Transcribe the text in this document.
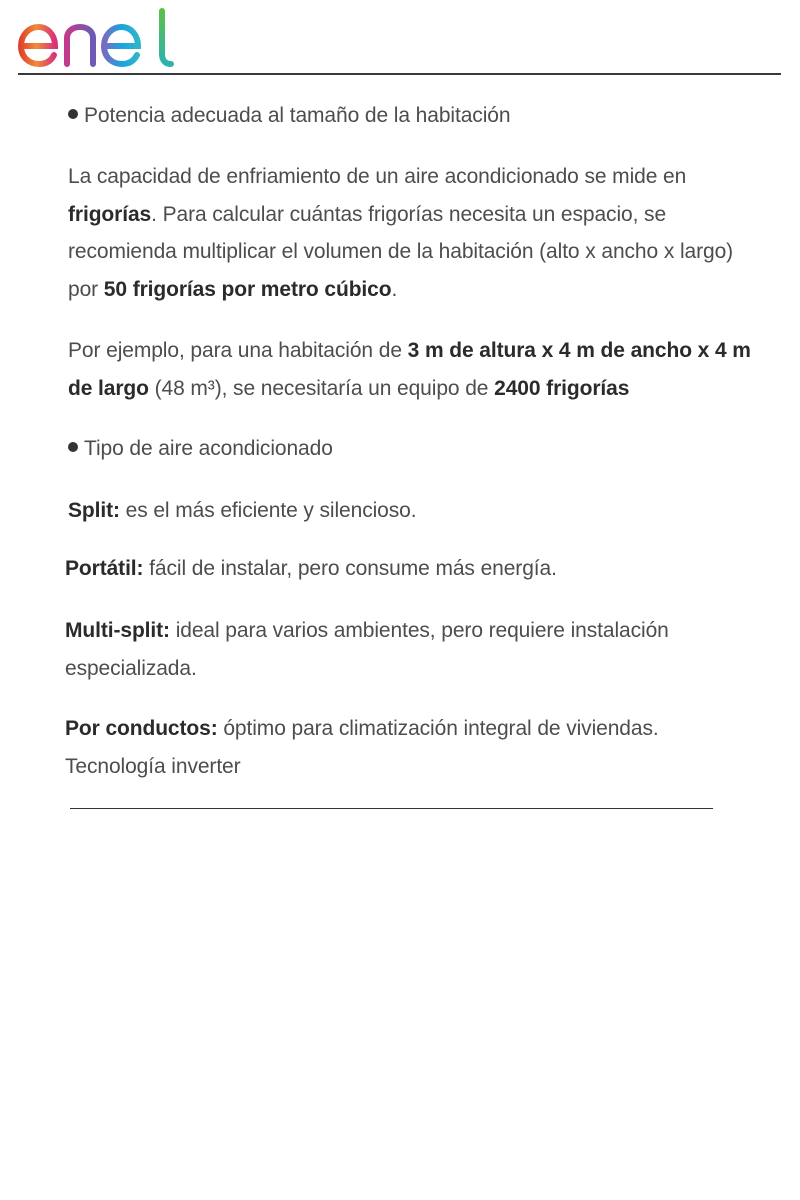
Potencia adecuada al tamaño de la habitación

La capacidad de enfriamiento de un aire acondicionado se mide en frigorías. Para calcular cuántas frigorías necesita un espacio, se recomienda multiplicar el volumen de la habitación (alto x ancho x largo) por 50 frigorías por metro cúbico.

Por ejemplo, para una habitación de 3 m de altura x 4 m de ancho x 4 m de largo (48 m³), se necesitaría un equipo de 2400 frigorías

Tipo de aire acondicionado

Split: es el más eficiente y silencioso.

Portátil: fácil de instalar, pero consume más energía.

Multi-split: ideal para varios ambientes, pero requiere instalación especializada.

Por conductos: óptimo para climatización integral de viviendas.

Tecnología inverter
